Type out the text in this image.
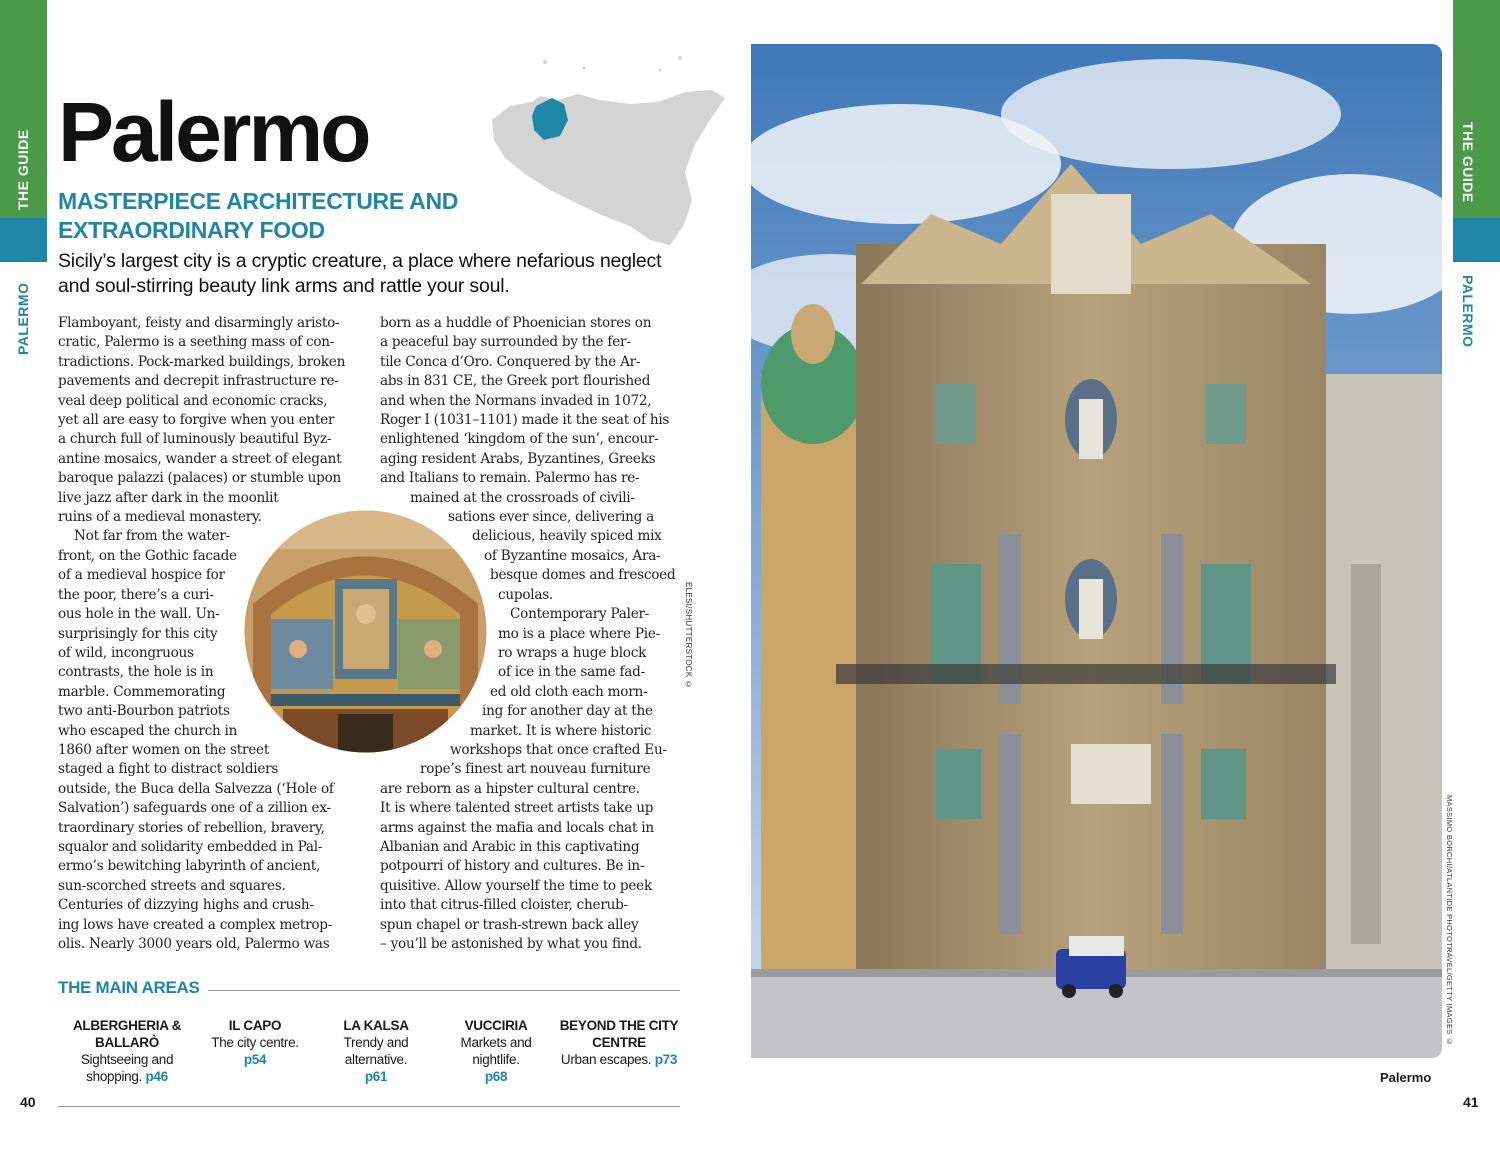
THE GUIDE
PALERMO
THE GUIDE
PALERMO
Palermo
MASTERPIECE ARCHITECTURE AND EXTRAORDINARY FOOD
Sicily’s largest city is a cryptic creature, a place where nefarious neglect and soul-stirring beauty link arms and rattle your soul.

Flamboyant, feisty and disarmingly aristo-
cratic, Palermo is a seething mass of con-
tradictions. Pock-marked buildings, broken
pavements and decrepit infrastructure re-
veal deep political and economic cracks,
yet all are easy to forgive when you enter
a church full of luminously beautiful Byz-
antine mosaics, wander a street of elegant
baroque palazzi (palaces) or stumble upon
live jazz after dark in the moonlit
ruins of a medieval monastery.
Not far from the water-
front, on the Gothic facade
of a medieval hospice for
the poor, there’s a curi-
ous hole in the wall. Un-
surprisingly for this city
of wild, incongruous
contrasts, the hole is in
marble. Commemorating
two anti-Bourbon patriots
who escaped the church in
1860 after women on the street
staged a fight to distract soldiers
outside, the Buca della Salvezza (‘Hole of
Salvation’) safeguards one of a zillion ex-
traordinary stories of rebellion, bravery,
squalor and solidarity embedded in Pal-
ermo’s bewitching labyrinth of ancient,
sun-scorched streets and squares.
Centuries of dizzying highs and crush-
ing lows have created a complex metrop-
olis. Nearly 3000 years old, Palermo was

born as a huddle of Phoenician stores on
a peaceful bay surrounded by the fer-
tile Conca d’Oro. Conquered by the Ar-
abs in 831 CE, the Greek port flourished
and when the Normans invaded in 1072,
Roger I (1031–1101) made it the seat of his
enlightened ‘kingdom of the sun’, encour-
aging resident Arabs, Byzantines, Greeks
and Italians to remain. Palermo has re-
mained at the crossroads of civili-
sations ever since, delivering a
delicious, heavily spiced mix
of Byzantine mosaics, Ara-
besque domes and frescoed
cupolas.
Contemporary Paler-
mo is a place where Pie-
ro wraps a huge block
of ice in the same fad-
ed old cloth each morn-
ing for another day at the
market. It is where historic
workshops that once crafted Eu-
rope’s finest art nouveau furniture
are reborn as a hipster cultural centre.
It is where talented street artists take up
arms against the mafia and locals chat in
Albanian and Arabic in this captivating
potpourri of history and cultures. Be in-
quisitive. Allow yourself the time to peek
into that citrus-filled cloister, cherub-
spun chapel or trash-strewn back alley
– you’ll be astonished by what you find.

ELESI/SHUTTERSTOCK ©
THE MAIN AREAS
ALBERGHERIA & BALLARÒ
Sightseeing and shopping. p46
IL CAPO
The city centre.
p54
LA KALSA
Trendy and alternative.
p61
VUCCIRIA
Markets and nightlife.
p68
BEYOND THE CITY CENTRE
Urban escapes. p73
40
MASSIMO BORCHI/ATLANTIDE PHOTOTRAVEL/GETTY IMAGES ©
Palermo
41
